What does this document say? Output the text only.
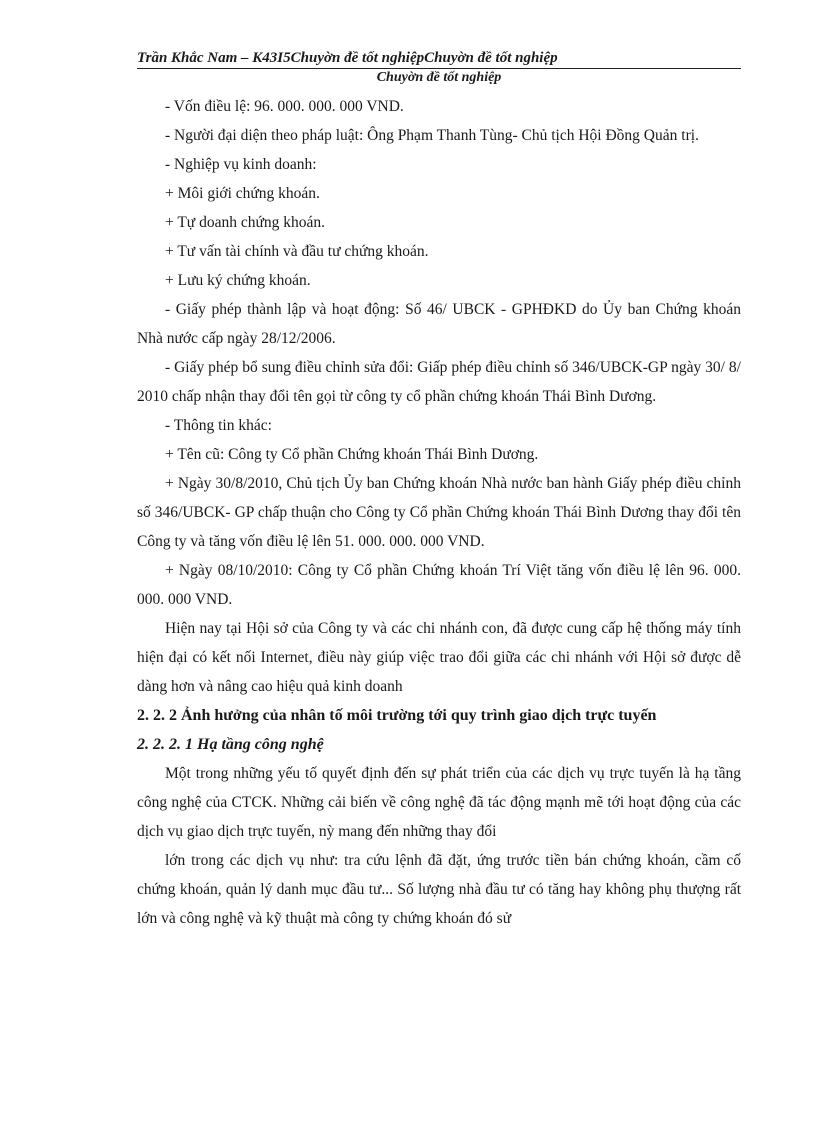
Trần Khắc Nam – K43I5Chuyờn đề tốt nghiệpChuyờn đề tốt nghiệp
Chuyờn đề tốt nghiệp

- Vốn điều lệ: 96. 000. 000. 000 VND.

- Người đại diện theo pháp luật: Ông Phạm Thanh Tùng- Chủ tịch Hội Đồng Quản trị.

- Nghiệp vụ kinh doanh:

+ Môi giới chứng khoán.

+ Tự doanh chứng khoán.

+ Tư vấn tài chính và đầu tư chứng khoán.

+ Lưu ký chứng khoán.

- Giấy phép thành lập và hoạt động: Số 46/ UBCK - GPHĐKD do Ủy ban Chứng khoán Nhà nước cấp ngày 28/12/2006.

- Giấy phép bổ sung điều chỉnh sửa đổi: Giấp phép điều chỉnh số 346/UBCK-GP ngày 30/ 8/ 2010 chấp nhận thay đổi tên gọi từ công ty cổ phần chứng khoán Thái Bình Dương.

- Thông tin khác:

+ Tên cũ: Công ty Cổ phần Chứng khoán Thái Bình Dương.

+ Ngày 30/8/2010, Chủ tịch Ủy ban Chứng khoán Nhà nước ban hành Giấy phép điều chỉnh số 346/UBCK- GP chấp thuận cho Công ty Cổ phần Chứng khoán Thái Bình Dương thay đổi tên Công ty và tăng vốn điều lệ lên 51. 000. 000. 000 VND.

+ Ngày 08/10/2010: Công ty Cổ phần Chứng khoán Trí Việt tăng vốn điều lệ lên 96. 000. 000. 000 VND.

Hiện nay tại Hội sở của Công ty và các chi nhánh con, đã được cung cấp hệ thống máy tính hiện đại có kết nối Internet, điều này giúp việc trao đổi giữa các chi nhánh với Hội sở được dễ dàng hơn và nâng cao hiệu quả kinh doanh

2. 2. 2 Ảnh hưởng của nhân tố môi trường tới quy trình giao dịch trực tuyến

2. 2. 2. 1 Hạ tầng công nghệ

Một trong những yếu tố quyết định đến sự phát triển của các dịch vụ trực tuyến là hạ tầng công nghệ của CTCK. Những cải biến về công nghệ đã tác động mạnh mẽ tới hoạt động của các dịch vụ giao dịch trực tuyến, nỳ mang đến những thay đổi

lớn trong các dịch vụ như: tra cứu lệnh đã đặt, ứng trước tiền bán chứng khoán, cầm cố chứng khoán, quản lý danh mục đầu tư... Số lượng nhà đầu tư có tăng hay không phụ thượng rất lớn và công nghệ và kỹ thuật mà công ty chứng khoán đó sử
